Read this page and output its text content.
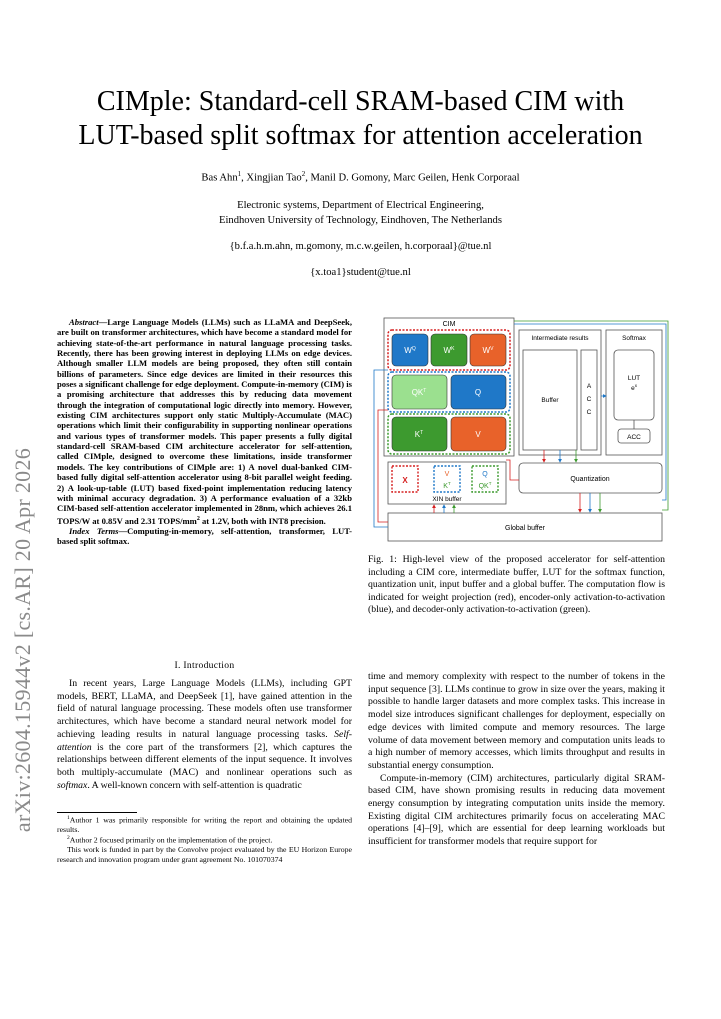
CIMple: Standard-cell SRAM-based CIM with
LUT-based split softmax for attention acceleration
Bas Ahn$^1$, Xingjian Tao$^2$, Manil D. Gomony, Marc Geilen, Henk Corporaal
Electronic systems, Department of Electrical Engineering,
Eindhoven University of Technology, Eindhoven, The Netherlands
{b.f.a.h.m.ahn, m.gomony, m.c.w.geilen, h.corporaal}@tue.nl
{x.toa1}student@tue.nl
arXiv:2604.15944v2 [cs.AR] 20 Apr 2026

Abstract—Large Language Models (LLMs) such as LLaMA and DeepSeek, are built on transformer architectures, which have become a standard model for achieving state-of-the-art performance in natural language processing tasks. Recently, there has been growing interest in deploying LLMs on edge devices. Although smaller LLM models are being proposed, they often still contain billions of parameters. Since edge devices are limited in their resources this poses a significant challenge for edge deployment. Compute-in-memory (CIM) is a promising architecture that addresses this by reducing data movement through the integration of computational logic directly into memory. However, existing CIM architectures support only static Multiply-Accumulate (MAC) operations which limit their configurability in supporting nonlinear operations and various types of transformer models. This paper presents a fully digital standard-cell SRAM-based CIM architecture accelerator for self-attention, called CIMple, designed to overcome these limitations, inside transformer models. The key contributions of CIMple are: 1) A novel dual-banked CIM-based fully digital self-attention accelerator using 8-bit parallel weight feeding. 2) A look-up-table (LUT) based fixed-point implementation reducing latency with minimal accuracy degradation. 3) A performance evaluation of a 32kb CIM-based self-attention accelerator implemented in 28nm, which achieves 26.1 TOPS/W at 0.85V and 2.31 TOPS/$mm^2$ at 1.2V, both with INT8 precision.

Index Terms—Computing-in-memory, self-attention, transformer, LUT-based split softmax.

I. Introduction

In recent years, Large Language Models (LLMs), including GPT models, BERT, LLaMA, and DeepSeek [1], have gained attention in the field of natural language processing. These models often use transformer architectures, which have become a standard neural network model for achieving leading results in natural language processing tasks. Self-attention is the core part of the transformers [2], which captures the relationships between different elements of the input sequence. It involves both multiply-accumulate (MAC) and nonlinear operations such as softmax. A well-known concern with self-attention is quadratic

$^1$Author 1 was primarily responsible for writing the report and obtaining the updated results.

$^2$Author 2 focused primarily on the implementation of the project.

This work is funded in part by the Convolve project evaluated by the EU Horizon Europe research and innovation program under grant agreement No. 101070374

Fig. 1: High-level view of the proposed accelerator for self-attention including a CIM core, intermediate buffer, LUT for the softmax function, quantization unit, input buffer and a global buffer. The computation flow is indicated for weight projection (red), encoder-only activation-to-activation (blue), and decoder-only activation-to-activation (green).

time and memory complexity with respect to the number of tokens in the input sequence [3]. LLMs continue to grow in size over the years, making it possible to handle larger datasets and more complex tasks. This increase in model size introduces significant challenges for deployment, especially on edge devices with limited compute and memory resources. The large volume of data movement between memory and computation units leads to a high number of memory accesses, which limits throughput and results in substantial energy consumption.

Compute-in-memory (CIM) architectures, particularly digital SRAM-based CIM, have shown promising results in reducing data movement energy consumption by integrating computation units inside the memory. Existing digital CIM architectures primarily focus on accelerating MAC operations [4]–[9], which are essential for deep learning workloads but insufficient for transformer models that require support for

CIM
$W^Q$	$W^K$	$W^V$
$QK^T$	Q
$K^T$	V
Intermediate results
Buffer
A
C
C
Softmax
LUT
$e^x$
ACC
X
V
$K^T$
Q
$QK^T$
XIN buffer
Quantization
Global buffer
